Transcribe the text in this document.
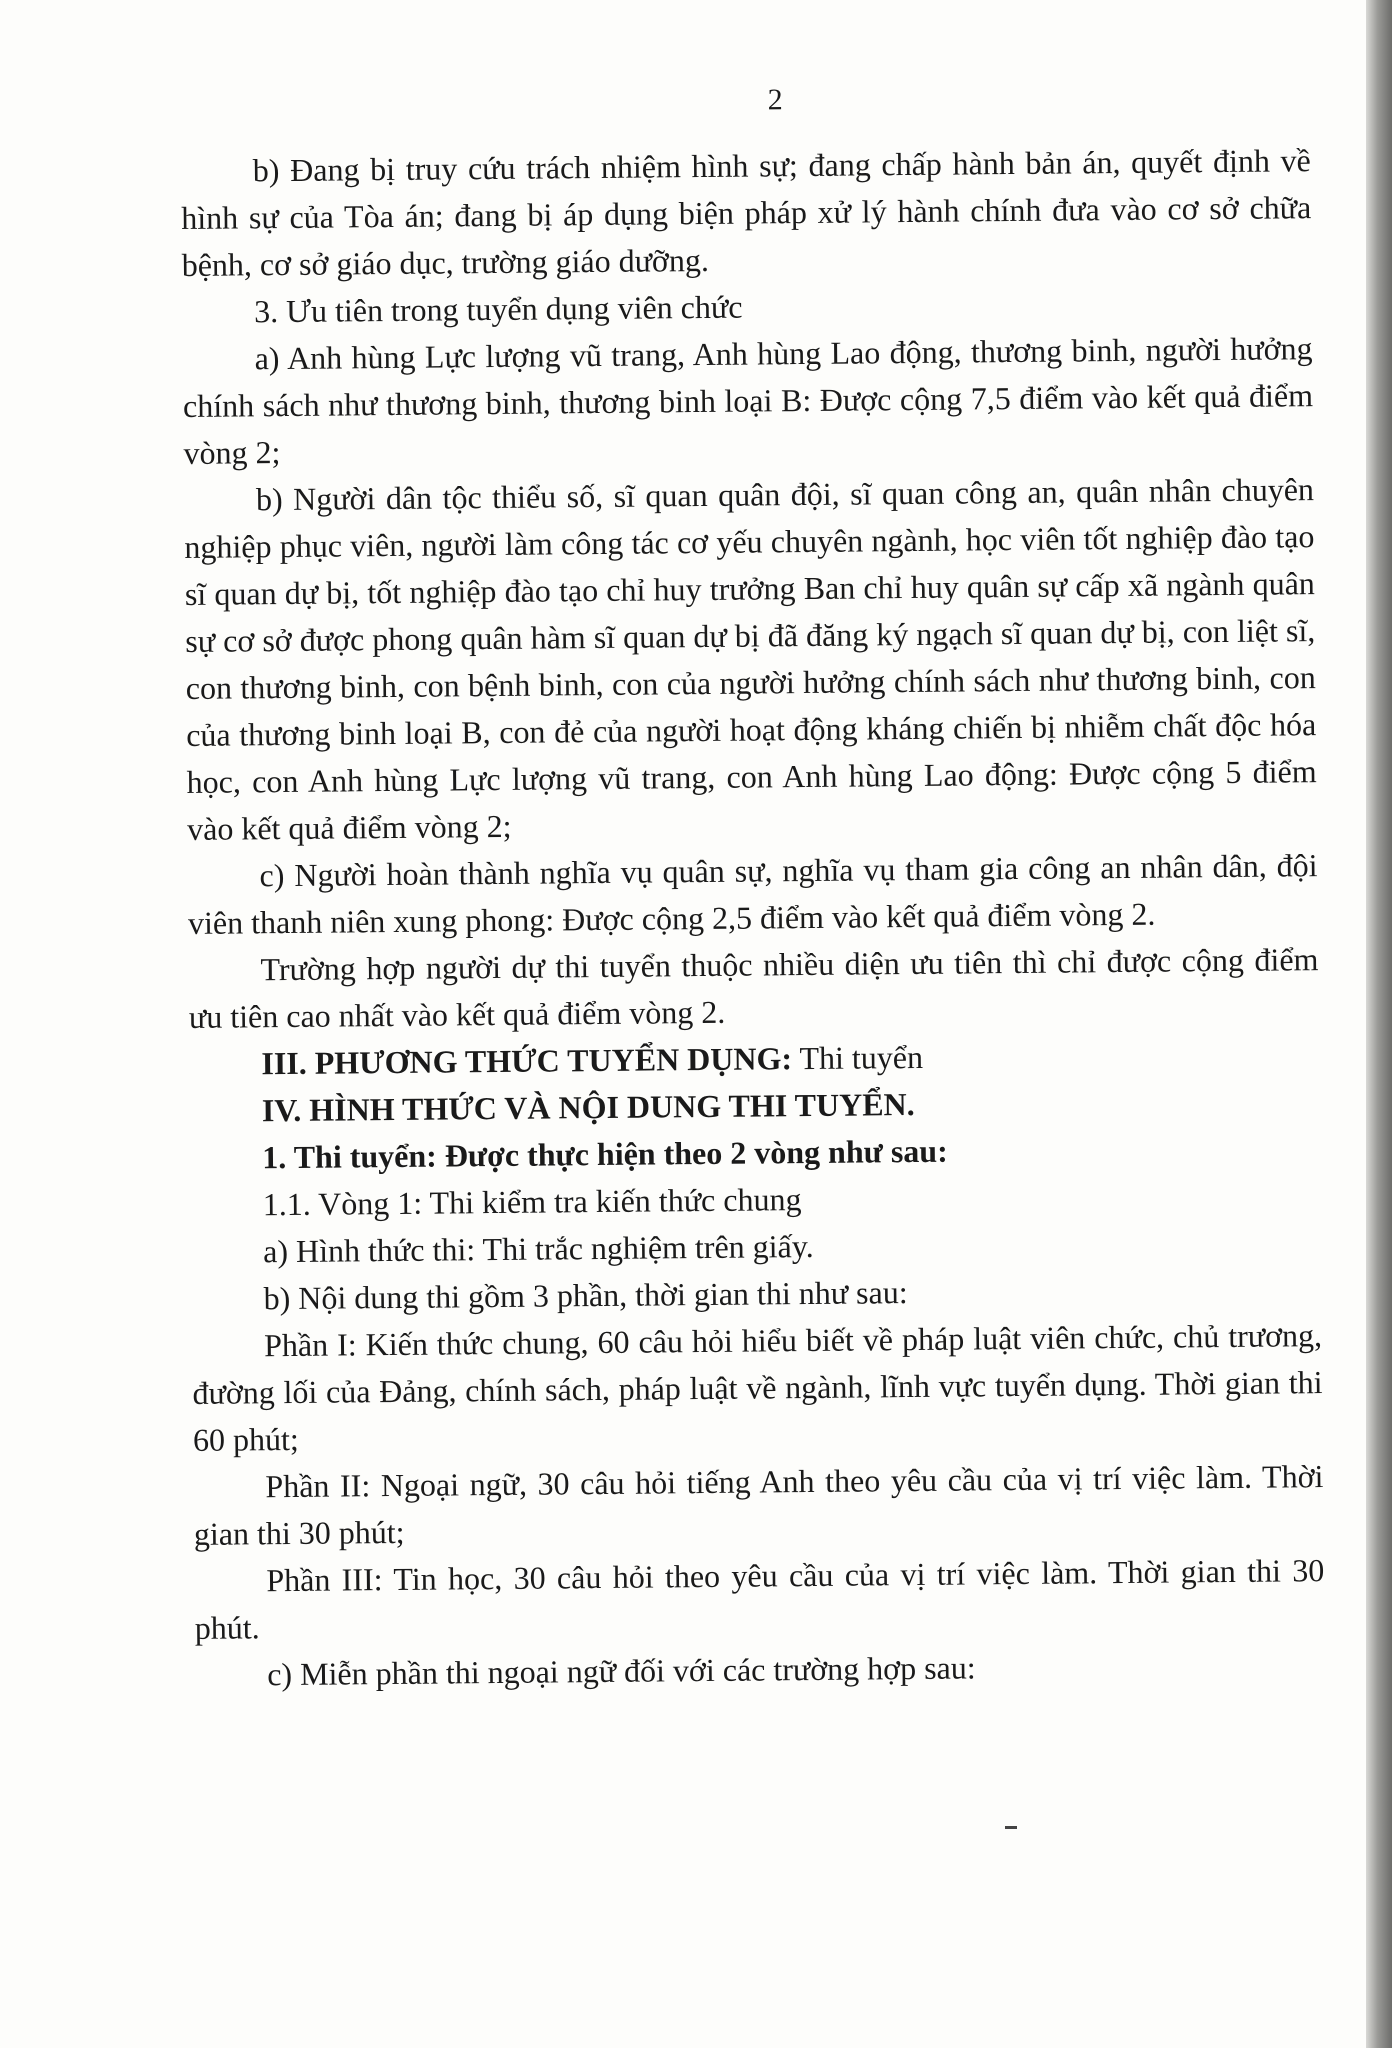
2

b) Đang bị truy cứu trách nhiệm hình sự; đang chấp hành bản án, quyết định về hình sự của Tòa án; đang bị áp dụng biện pháp xử lý hành chính đưa vào cơ sở chữa bệnh, cơ sở giáo dục, trường giáo dưỡng.

3. Ưu tiên trong tuyển dụng viên chức

a) Anh hùng Lực lượng vũ trang, Anh hùng Lao động, thương binh, người hưởng chính sách như thương binh, thương binh loại B: Được cộng 7,5 điểm vào kết quả điểm vòng 2;

b) Người dân tộc thiểu số, sĩ quan quân đội, sĩ quan công an, quân nhân chuyên nghiệp phục viên, người làm công tác cơ yếu chuyên ngành, học viên tốt nghiệp đào tạo sĩ quan dự bị, tốt nghiệp đào tạo chỉ huy trưởng Ban chỉ huy quân sự cấp xã ngành quân sự cơ sở được phong quân hàm sĩ quan dự bị đã đăng ký ngạch sĩ quan dự bị, con liệt sĩ, con thương binh, con bệnh binh, con của người hưởng chính sách như thương binh, con của thương binh loại B, con đẻ của người hoạt động kháng chiến bị nhiễm chất độc hóa học, con Anh hùng Lực lượng vũ trang, con Anh hùng Lao động: Được cộng 5 điểm vào kết quả điểm vòng 2;

c) Người hoàn thành nghĩa vụ quân sự, nghĩa vụ tham gia công an nhân dân, đội viên thanh niên xung phong: Được cộng 2,5 điểm vào kết quả điểm vòng 2.

Trường hợp người dự thi tuyển thuộc nhiều diện ưu tiên thì chỉ được cộng điểm ưu tiên cao nhất vào kết quả điểm vòng 2.

III. PHƯƠNG THỨC TUYỂN DỤNG: Thi tuyển

IV. HÌNH THỨC VÀ NỘI DUNG THI TUYỂN.

1. Thi tuyển: Được thực hiện theo 2 vòng như sau:

1.1. Vòng 1: Thi kiểm tra kiến thức chung

a) Hình thức thi: Thi trắc nghiệm trên giấy.

b) Nội dung thi gồm 3 phần, thời gian thi như sau:

Phần I: Kiến thức chung, 60 câu hỏi hiểu biết về pháp luật viên chức, chủ trương, đường lối của Đảng, chính sách, pháp luật về ngành, lĩnh vực tuyển dụng. Thời gian thi 60 phút;

Phần II: Ngoại ngữ, 30 câu hỏi tiếng Anh theo yêu cầu của vị trí việc làm. Thời gian thi 30 phút;

Phần III: Tin học, 30 câu hỏi theo yêu cầu của vị trí việc làm. Thời gian thi 30 phút.

c) Miễn phần thi ngoại ngữ đối với các trường hợp sau:
